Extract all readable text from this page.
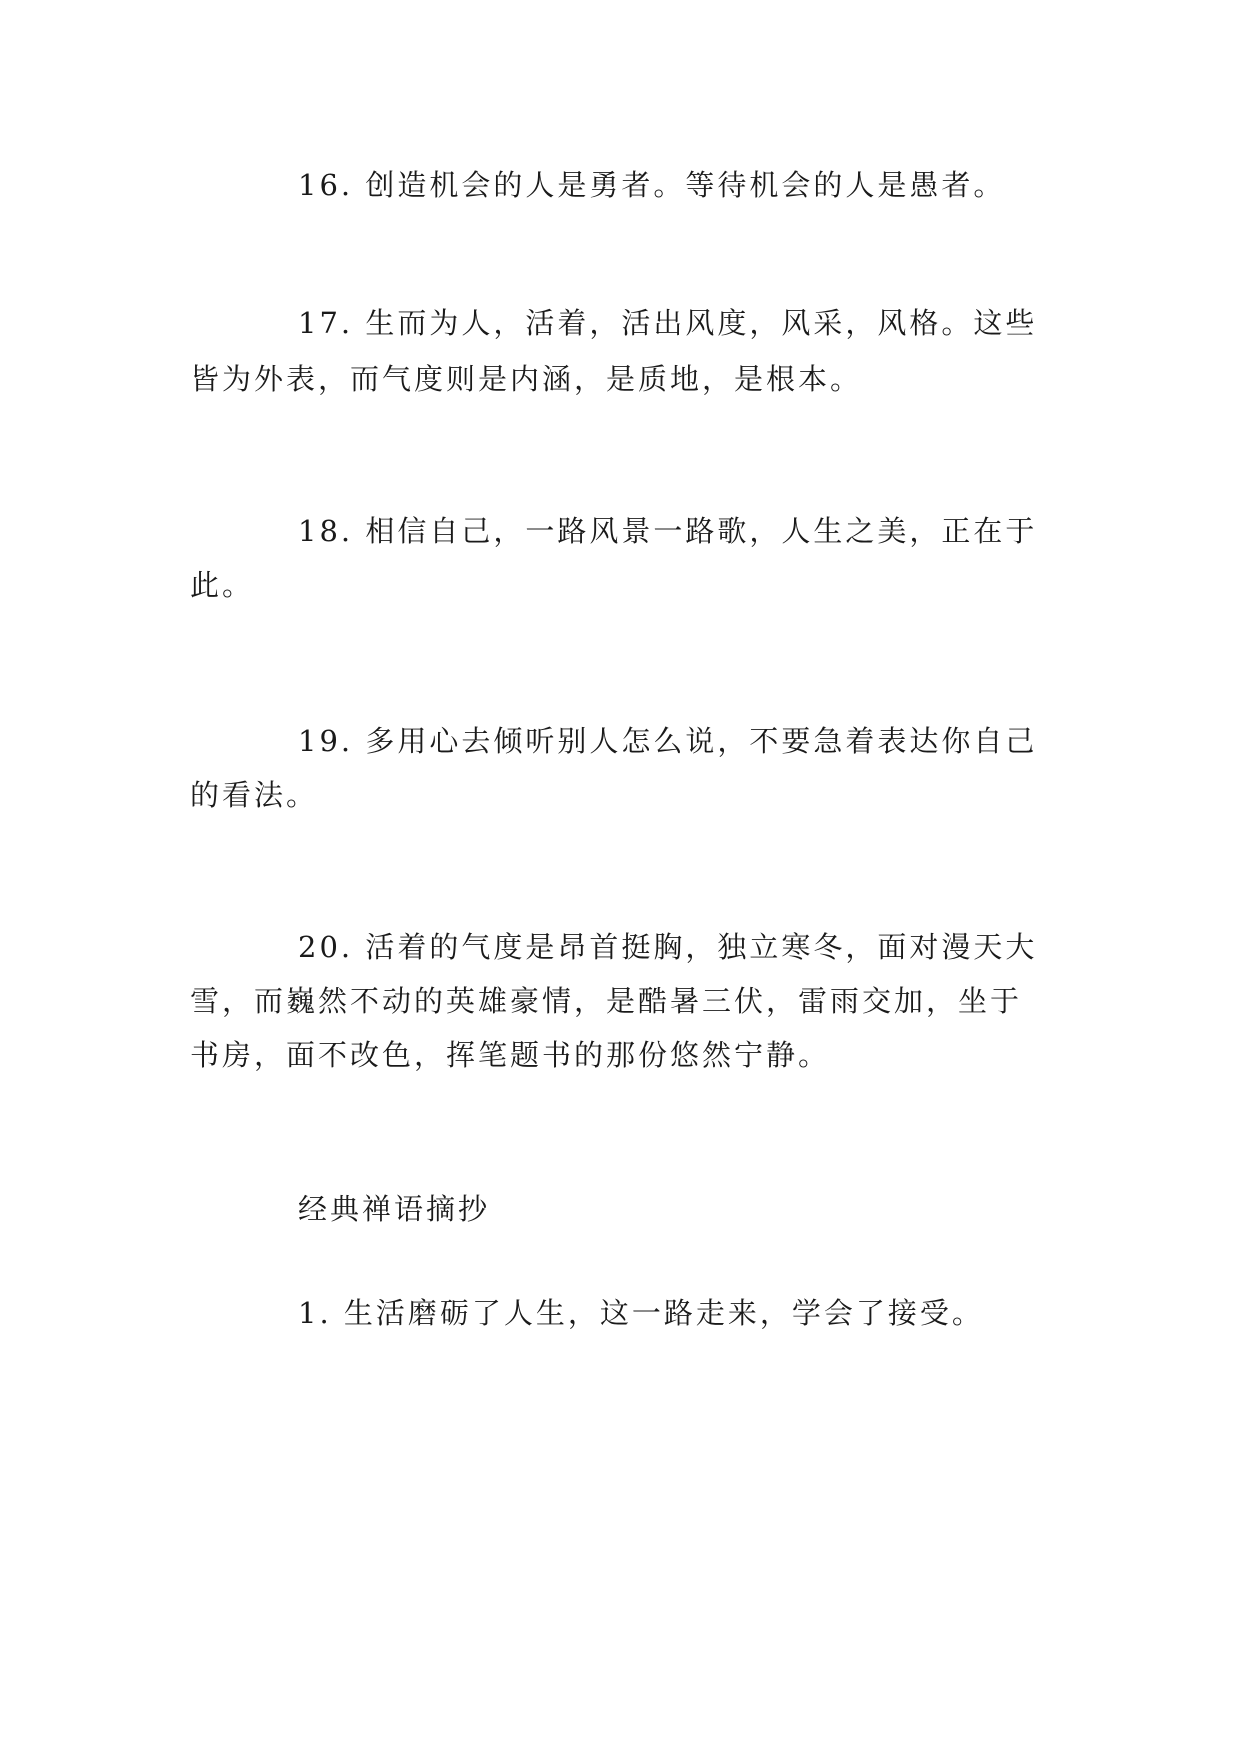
16. 创造机会的人是勇者。等待机会的人是愚者。
17. 生而为人，活着，活出风度，风采，风格。这些
皆为外表，而气度则是内涵，是质地，是根本。
18. 相信自己，一路风景一路歌，人生之美，正在于
此。
19. 多用心去倾听别人怎么说，不要急着表达你自己
的看法。
20. 活着的气度是昂首挺胸，独立寒冬，面对漫天大
雪，而巍然不动的英雄豪情，是酷暑三伏，雷雨交加，坐于
书房，面不改色，挥笔题书的那份悠然宁静。
经典禅语摘抄
1. 生活磨砺了人生，这一路走来，学会了接受。
